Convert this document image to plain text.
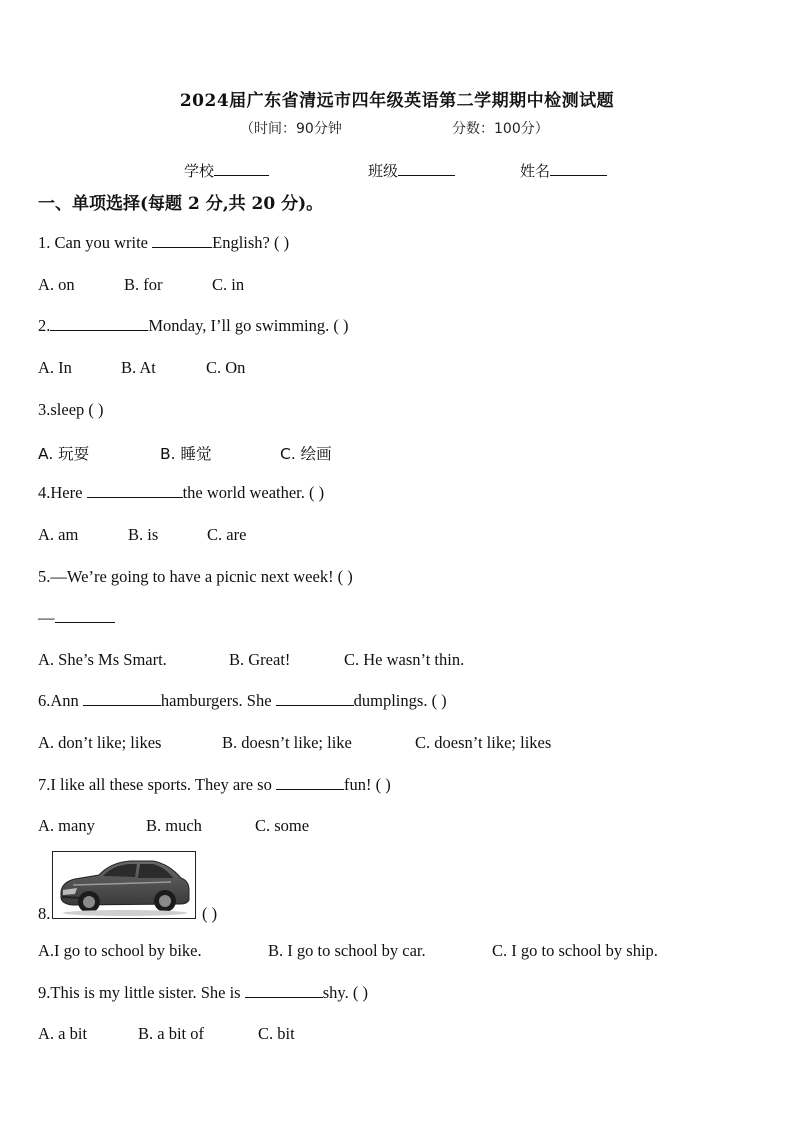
2024届广东省清远市四年级英语第二学期期中检测试题
（时间：90分钟	分数：100分）
学校	班级	姓名
一、单项选择(每题 2 分,共 20 分)。
1. Can you write	English? ( )
A. on	B. for	C. in
2.	Monday, I’ll go swimming. ( )
A. In	B. At	C. On
3.sleep ( )
A. 玩耍	B. 睡觉	C. 绘画
4.Here	the world weather. ( )
A. am	B. is	C. are
5.—We’re going to have a picnic next week! ( )
—
A. She’s Ms Smart.	B. Great!	C. He wasn’t thin.
6.Ann	hamburgers. She	dumplings. ( )
A. don’t like; likes	B. doesn’t like; like	C. doesn’t like; likes
7.I like all these sports. They are so	fun! ( )
A. many	B. much	C. some
8.	( )
A.I go to school by bike.	B. I go to school by car.	C. I go to school by ship.
9.This is my little sister. She is	shy. ( )
A. a bit	B. a bit of	C. bit
